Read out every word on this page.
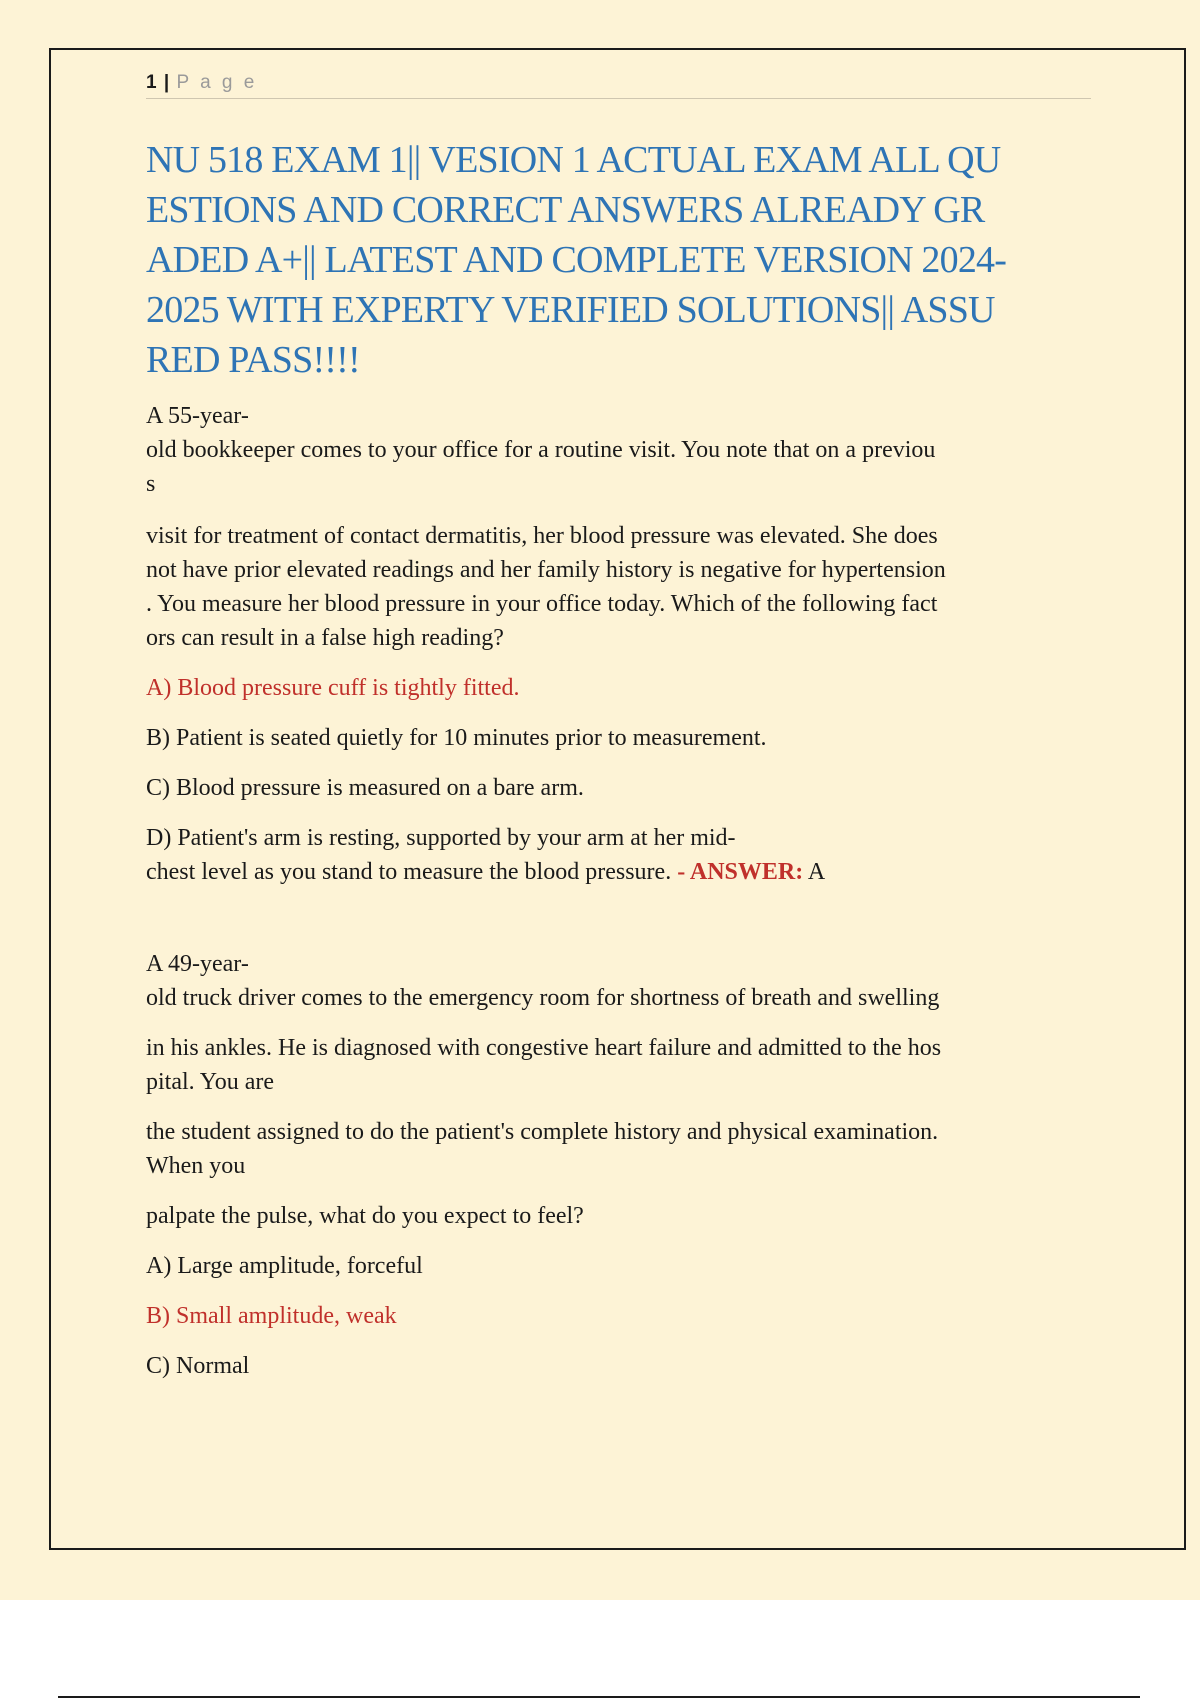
1 | P a g e
NU 518 EXAM 1|| VESION 1 ACTUAL EXAM ALL QU
ESTIONS AND CORRECT ANSWERS ALREADY GR
ADED A+|| LATEST AND COMPLETE VERSION 2024-
2025 WITH EXPERTY VERIFIED SOLUTIONS|| ASSU
RED PASS!!!!
A 55-year-
old bookkeeper comes to your office for a routine visit. You note that on a previou
s
visit for treatment of contact dermatitis, her blood pressure was elevated. She does
not have prior elevated readings and her family history is negative for hypertension
. You measure her blood pressure in your office today. Which of the following fact
ors can result in a false high reading?
A) Blood pressure cuff is tightly fitted.
B) Patient is seated quietly for 10 minutes prior to measurement.
C) Blood pressure is measured on a bare arm.
D) Patient's arm is resting, supported by your arm at her mid-
chest level as you stand to measure the blood pressure. - ANSWER: A
A 49-year-
old truck driver comes to the emergency room for shortness of breath and swelling
in his ankles. He is diagnosed with congestive heart failure and admitted to the hos
pital. You are
the student assigned to do the patient's complete history and physical examination.
When you
palpate the pulse, what do you expect to feel?
A) Large amplitude, forceful
B) Small amplitude, weak
C) Normal
